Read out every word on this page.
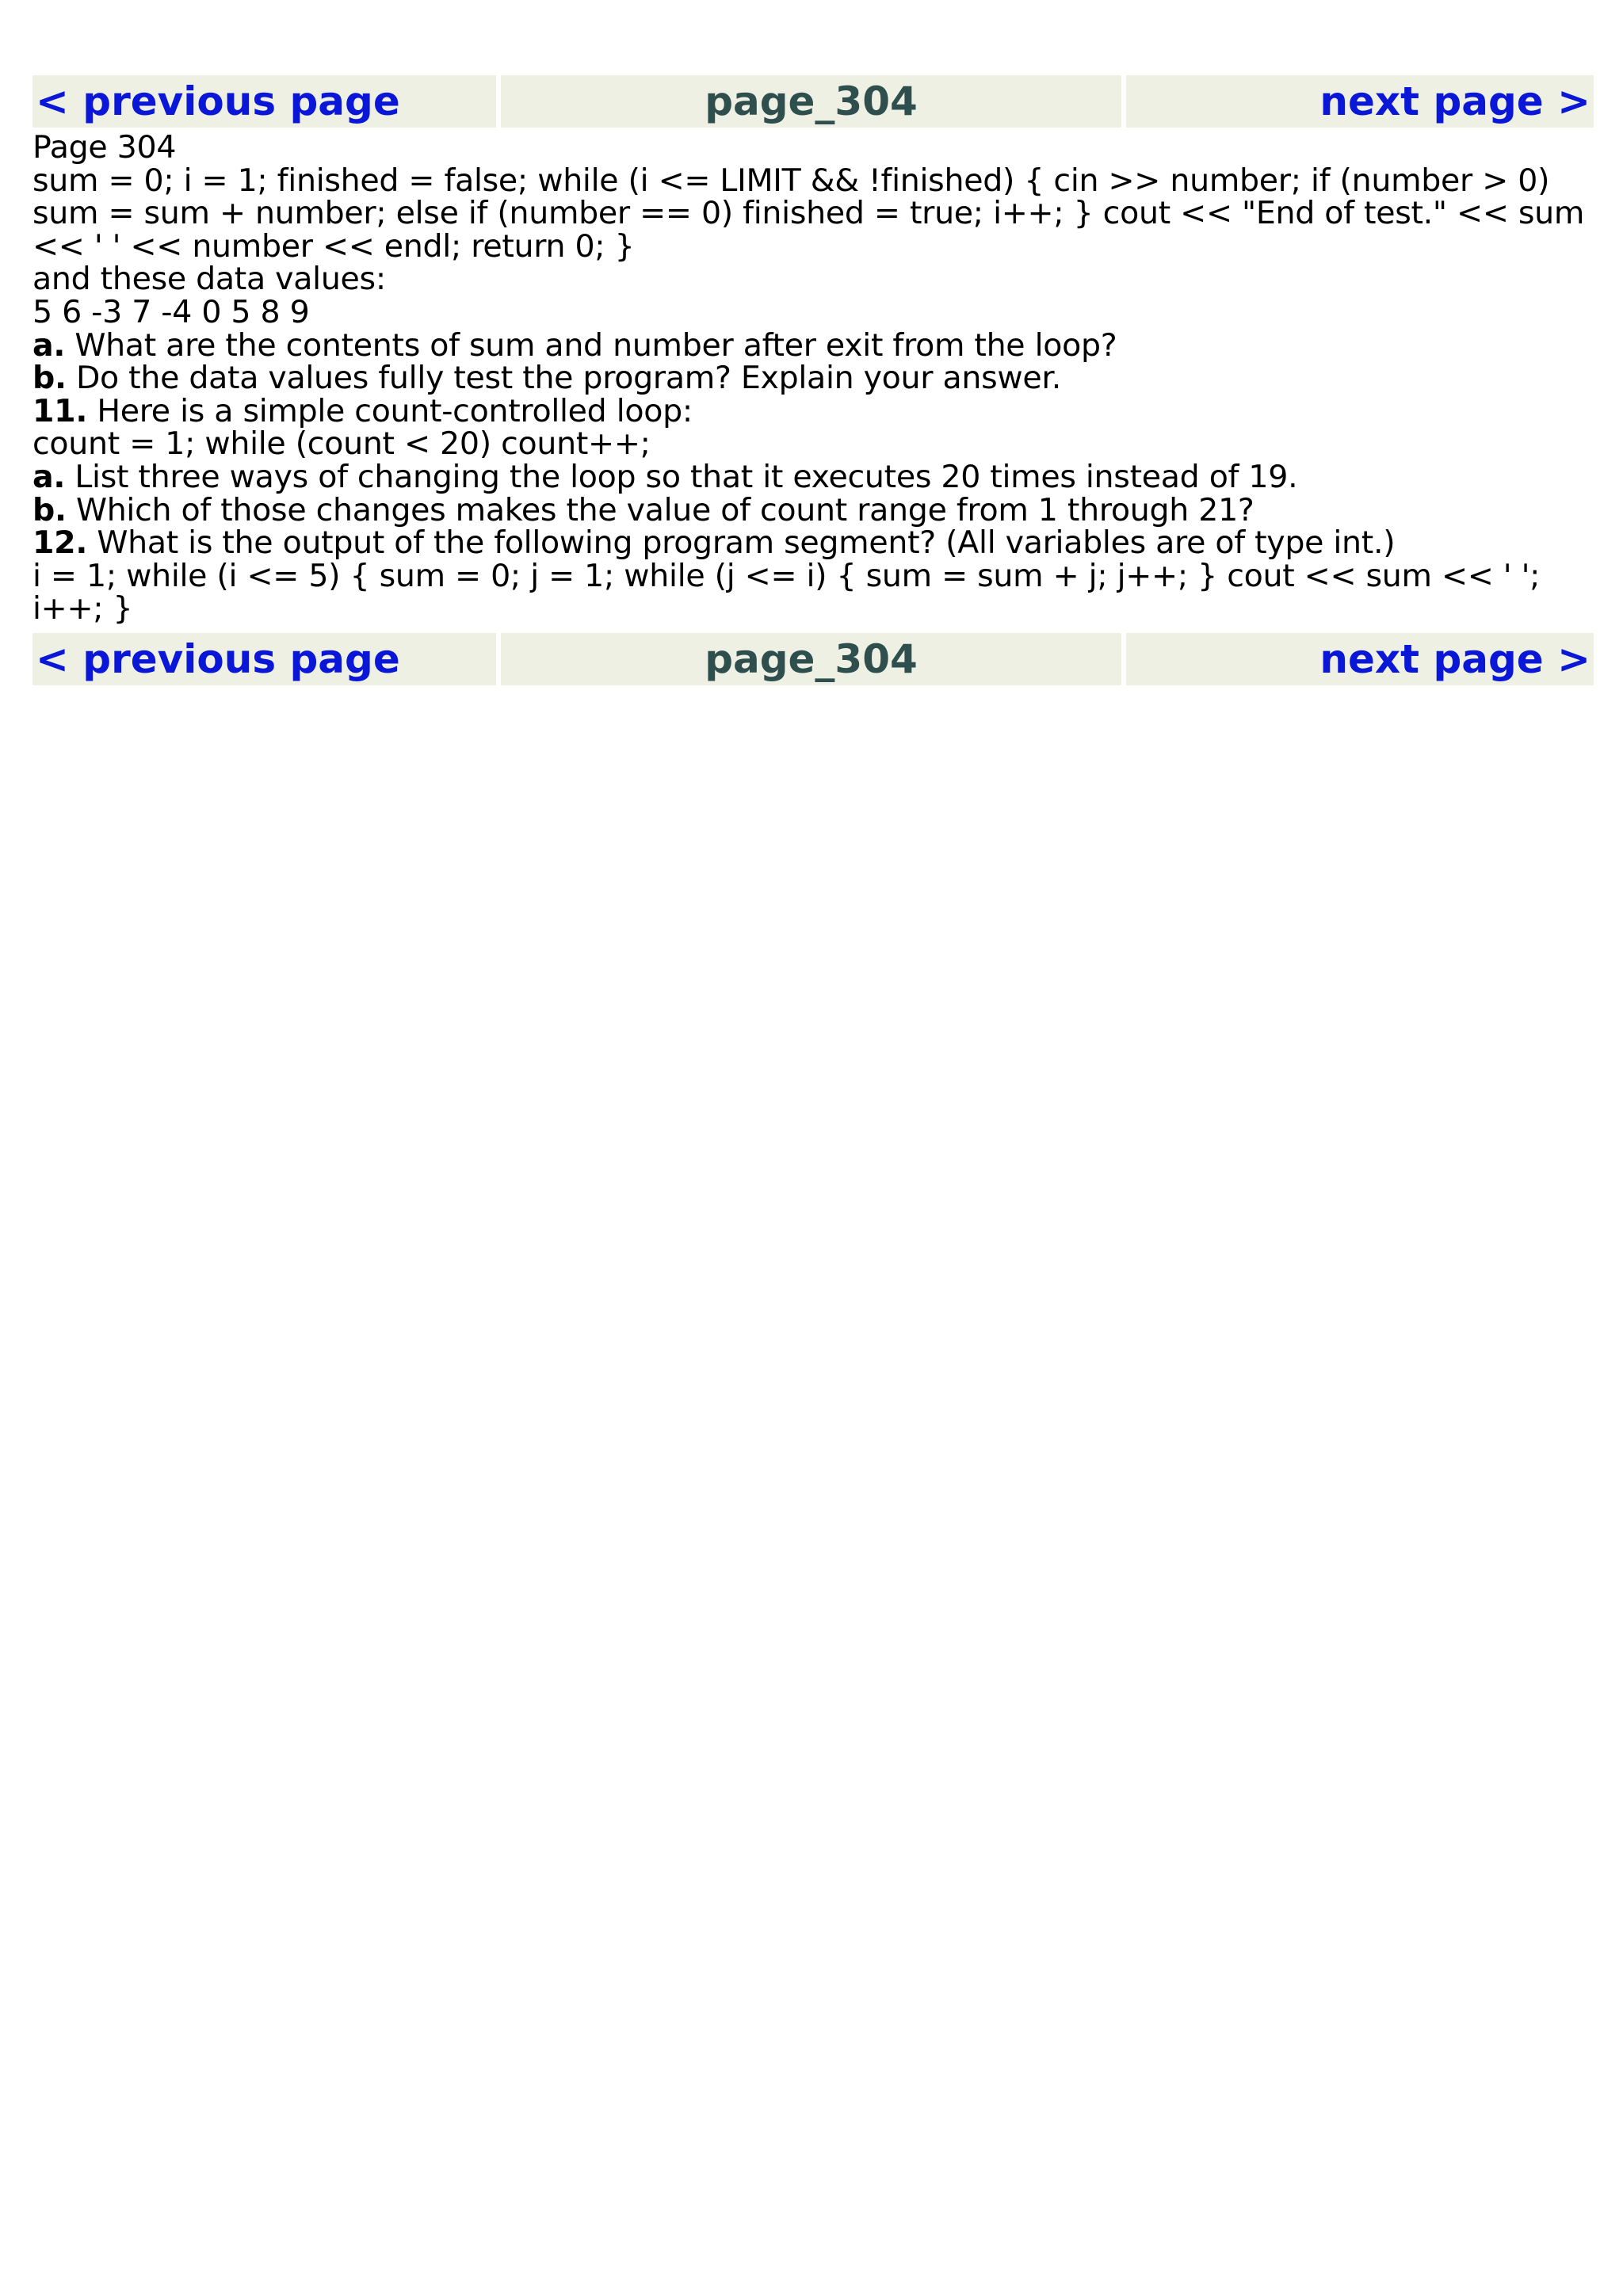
< previous page	page_304	next page >

Page 304

sum = 0; i = 1; finished = false; while (i <= LIMIT && !finished) { cin >> number; if (number > 0) sum = sum + number; else if (number == 0) finished = true; i++; } cout << "End of test." << sum << ' ' << number << endl; return 0; }

and these data values:

5 6 -3 7 -4 0 5 8 9

a. What are the contents of sum and number after exit from the loop?

b. Do the data values fully test the program? Explain your answer.

11. Here is a simple count-controlled loop:

count = 1; while (count < 20) count++;

a. List three ways of changing the loop so that it executes 20 times instead of 19.

b. Which of those changes makes the value of count range from 1 through 21?

12. What is the output of the following program segment? (All variables are of type int.)

i = 1; while (i <= 5) { sum = 0; j = 1; while (j <= i) { sum = sum + j; j++; } cout << sum << ' '; i++; }

< previous page	page_304	next page >
